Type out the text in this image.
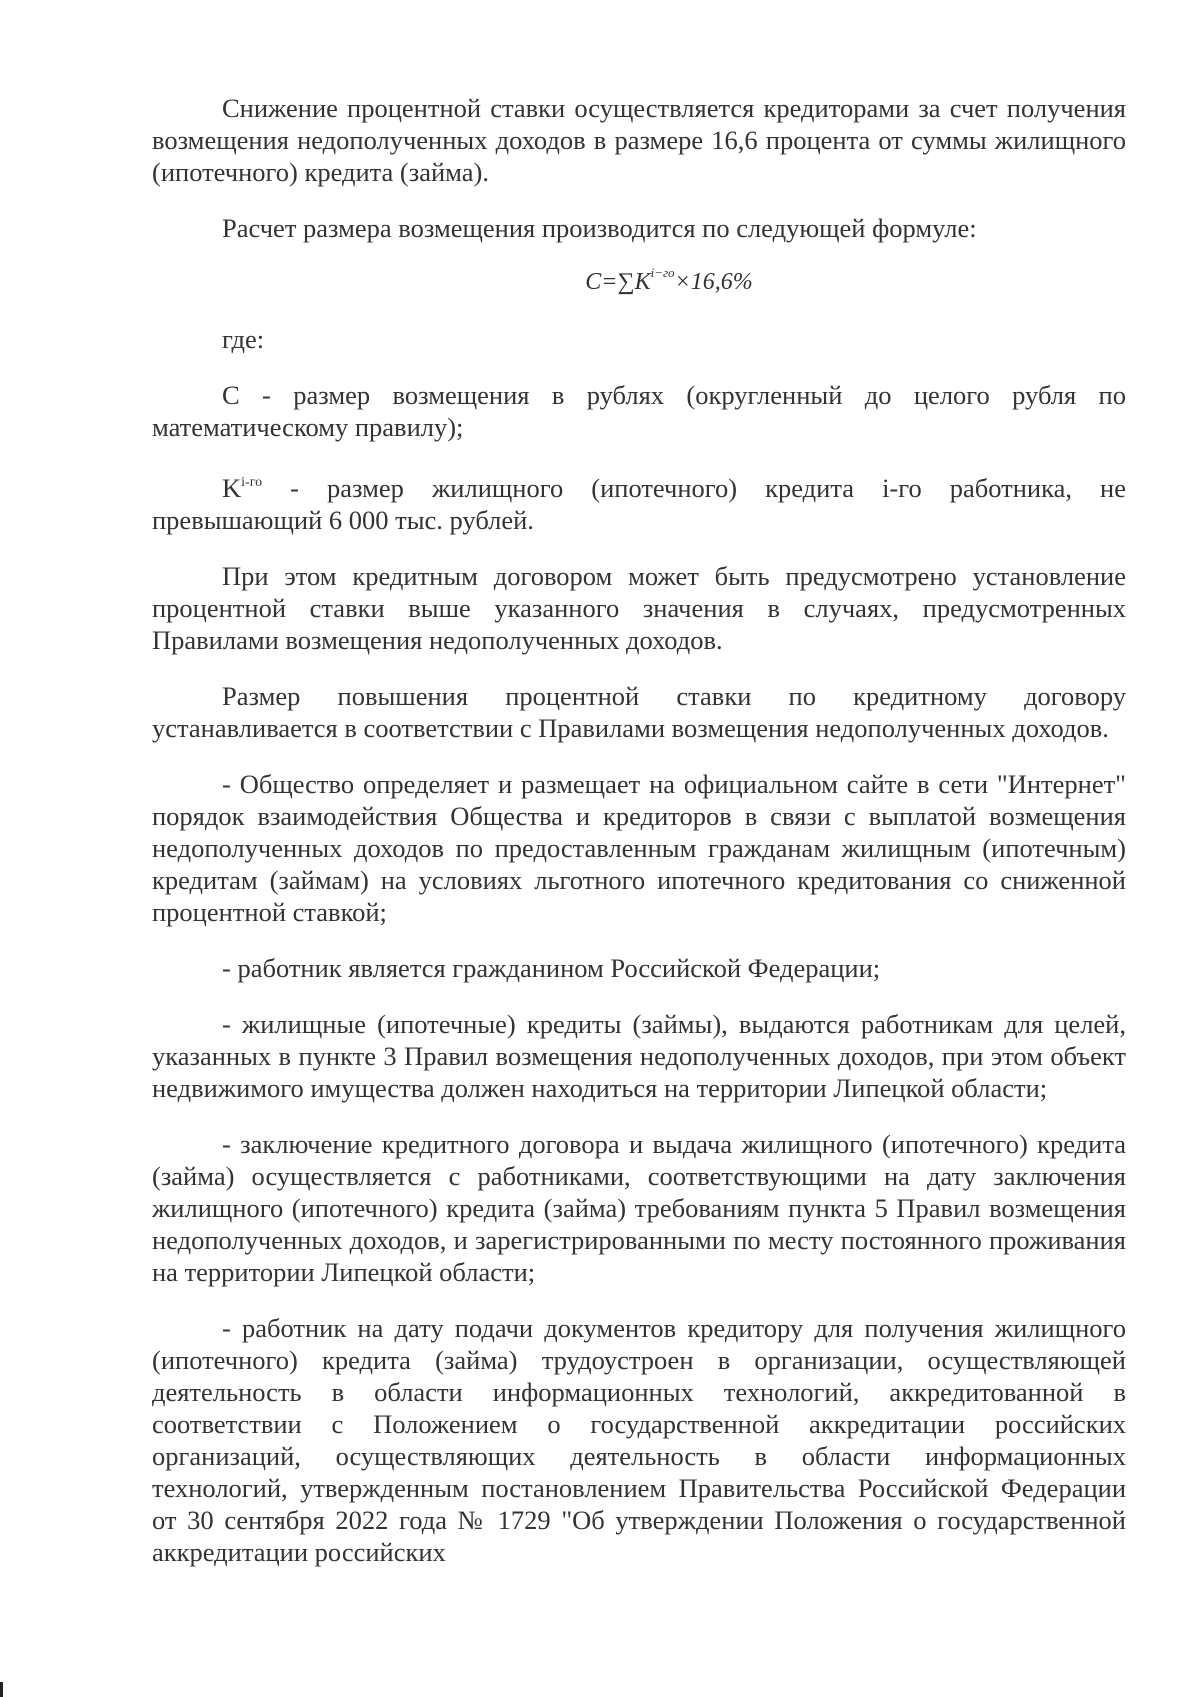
Снижение процентной ставки осуществляется кредиторами за счет получения возмещения недополученных доходов в размере 16,6 процента от суммы жилищного (ипотечного) кредита (займа).

Расчет размера возмещения производится по следующей формуле:

$C=\sum K^{i-го}\times 16,6\%$

где:

С - размер возмещения в рублях (округленный до целого рубля по математическому правилу);

$K^{i-го}$ - размер жилищного (ипотечного) кредита i-го работника, не превышающий 6 000 тыс. рублей.

При этом кредитным договором может быть предусмотрено установление процентной ставки выше указанного значения в случаях, предусмотренных Правилами возмещения недополученных доходов.

Размер повышения процентной ставки по кредитному договору устанавливается в соответствии с Правилами возмещения недополученных доходов.

- Общество определяет и размещает на официальном сайте в сети "Интернет" порядок взаимодействия Общества и кредиторов в связи с выплатой возмещения недополученных доходов по предоставленным гражданам жилищным (ипотечным) кредитам (займам) на условиях льготного ипотечного кредитования со сниженной процентной ставкой;

- работник является гражданином Российской Федерации;

- жилищные (ипотечные) кредиты (займы), выдаются работникам для целей, указанных в пункте 3 Правил возмещения недополученных доходов, при этом объект недвижимого имущества должен находиться на территории Липецкой области;

- заключение кредитного договора и выдача жилищного (ипотечного) кредита (займа) осуществляется с работниками, соответствующими на дату заключения жилищного (ипотечного) кредита (займа) требованиям пункта 5 Правил возмещения недополученных доходов, и зарегистрированными по месту постоянного проживания на территории Липецкой области;

- работник на дату подачи документов кредитору для получения жилищного (ипотечного) кредита (займа) трудоустроен в организации, осуществляющей деятельность в области информационных технологий, аккредитованной в соответствии с Положением о государственной аккредитации российских организаций, осуществляющих деятельность в области информационных технологий, утвержденным постановлением Правительства Российской Федерации от 30 сентября 2022 года № 1729 "Об утверждении Положения о государственной аккредитации российских
